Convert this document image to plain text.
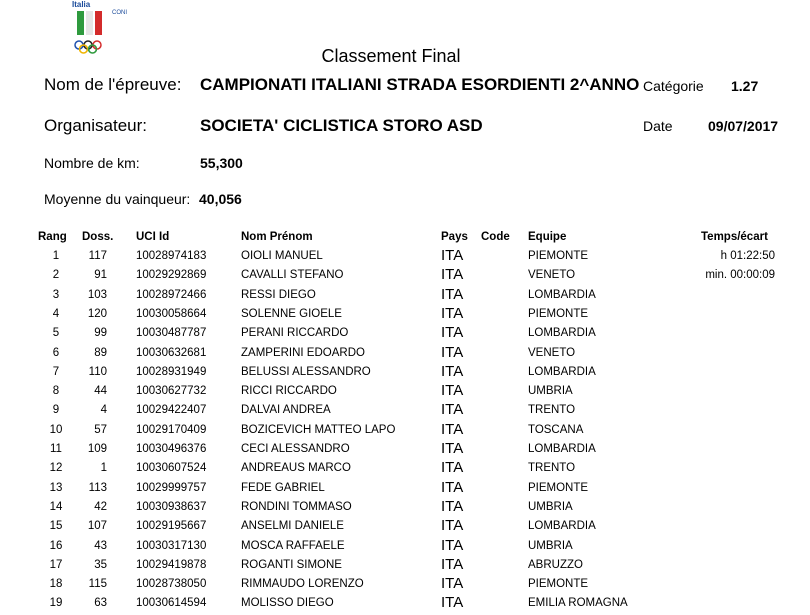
Italia
CONI
Classement Final
Nom de l'épreuve: CAMPIONATI ITALIANI STRADA ESORDIENTI 2^ANNO Catégorie 1.27
Organisateur:	SOCIETA' CICLISTICA STORO ASD	Date	09/07/2017
Nombre de km:	55,300
Moyenne du vainqueur: 40,056
Rang Doss. UCI Id	Nom Prénom	Pays Code Equipe	Temps/écart
1	117	10028974183	OIOLI MANUEL	ITA	PIEMONTE	h 01:22:50
2	91	10029292869	CAVALLI STEFANO	ITA	VENETO	min. 00:00:09
3	103	10028972466	RESSI DIEGO	ITA	LOMBARDIA
4	120	10030058664	SOLENNE GIOELE	ITA	PIEMONTE
5	99	10030487787	PERANI RICCARDO	ITA	LOMBARDIA
6	89	10030632681	ZAMPERINI EDOARDO	ITA	VENETO
7	110	10028931949	BELUSSI ALESSANDRO	ITA	LOMBARDIA
8	44	10030627732	RICCI RICCARDO	ITA	UMBRIA
9	4	10029422407	DALVAI ANDREA	ITA	TRENTO
10	57	10029170409	BOZICEVICH MATTEO LAPO	ITA	TOSCANA
11	109	10030496376	CECI ALESSANDRO	ITA	LOMBARDIA
12	1	10030607524	ANDREAUS MARCO	ITA	TRENTO
13	113	10029999757	FEDE GABRIEL	ITA	PIEMONTE
14	42	10030938637	RONDINI TOMMASO	ITA	UMBRIA
15	107	10029195667	ANSELMI DANIELE	ITA	LOMBARDIA
16	43	10030317130	MOSCA RAFFAELE	ITA	UMBRIA
17	35	10029419878	ROGANTI SIMONE	ITA	ABRUZZO
18	115	10028738050	RIMMAUDO LORENZO	ITA	PIEMONTE
19	63	10030614594	MOLISSO DIEGO	ITA	EMILIA ROMAGNA
